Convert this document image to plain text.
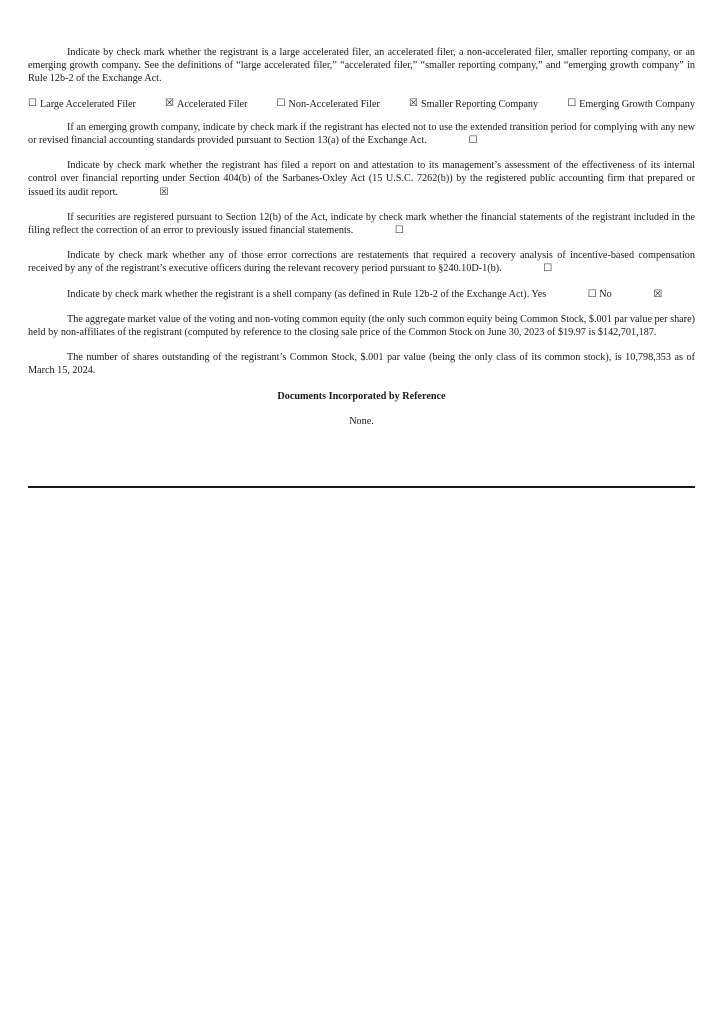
Indicate by check mark whether the registrant is a large accelerated filer, an accelerated filer, a non-accelerated filer, smaller reporting company, or an emerging growth company. See the definitions of “large accelerated filer,” “accelerated filer,” “smaller reporting company,” and “emerging growth company” in Rule 12b-2 of the Exchange Act.

☐ Large Accelerated Filer	☒ Accelerated Filer	☐ Non-Accelerated Filer	☒ Smaller Reporting Company	☐ Emerging Growth Company

If an emerging growth company, indicate by check mark if the registrant has elected not to use the extended transition period for complying with any new or revised financial accounting standards provided pursuant to Section 13(a) of the Exchange Act.	☐

Indicate by check mark whether the registrant has filed a report on and attestation to its management’s assessment of the effectiveness of its internal control over financial reporting under Section 404(b) of the Sarbanes-Oxley Act (15 U.S.C. 7262(b)) by the registered public accounting firm that prepared or issued its audit report.	☒

If securities are registered pursuant to Section 12(b) of the Act, indicate by check mark whether the financial statements of the registrant included in the filing reflect the correction of an error to previously issued financial statements.	☐

Indicate by check mark whether any of those error corrections are restatements that required a recovery analysis of incentive-based compensation received by any of the registrant’s executive officers during the relevant recovery period pursuant to §240.10D-1(b).	☐

Indicate by check mark whether the registrant is a shell company (as defined in Rule 12b-2 of the Exchange Act). Yes	☐ No	☒

The aggregate market value of the voting and non-voting common equity (the only such common equity being Common Stock, $.001 par value per share) held by non-affiliates of the registrant (computed by reference to the closing sale price of the Common Stock on June 30, 2023 of $19.97 is $142,701,187.

The number of shares outstanding of the registrant’s Common Stock, $.001 par value (being the only class of its common stock), is 10,798,353 as of March 15, 2024.

Documents Incorporated by Reference

None.
